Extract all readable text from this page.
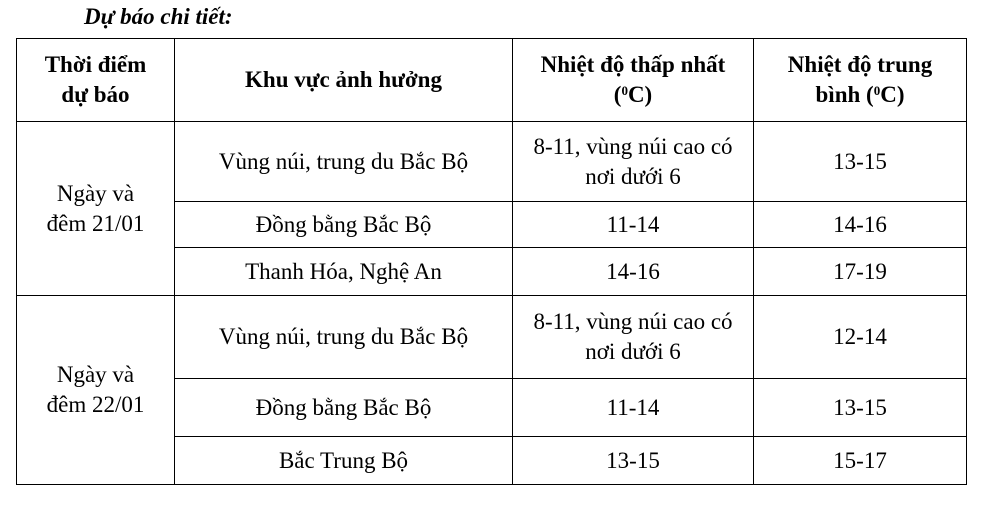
Dự báo chi tiết:
Thời điểm dự báo	Khu vực ảnh hưởng	Nhiệt độ thấp nhất ($^0$C)	Nhiệt độ trung bình ($^0$C)

Ngày và đêm 21/01	Vùng núi, trung du Bắc Bộ	8-11, vùng núi cao có nơi dưới 6	13-15
	Đồng bằng Bắc Bộ	11-14	14-16
	Thanh Hóa, Nghệ An	14-16	17-19

Ngày và đêm 22/01	Vùng núi, trung du Bắc Bộ	8-11, vùng núi cao có nơi dưới 6	12-14
	Đồng bằng Bắc Bộ	11-14	13-15
	Bắc Trung Bộ	13-15	15-17
